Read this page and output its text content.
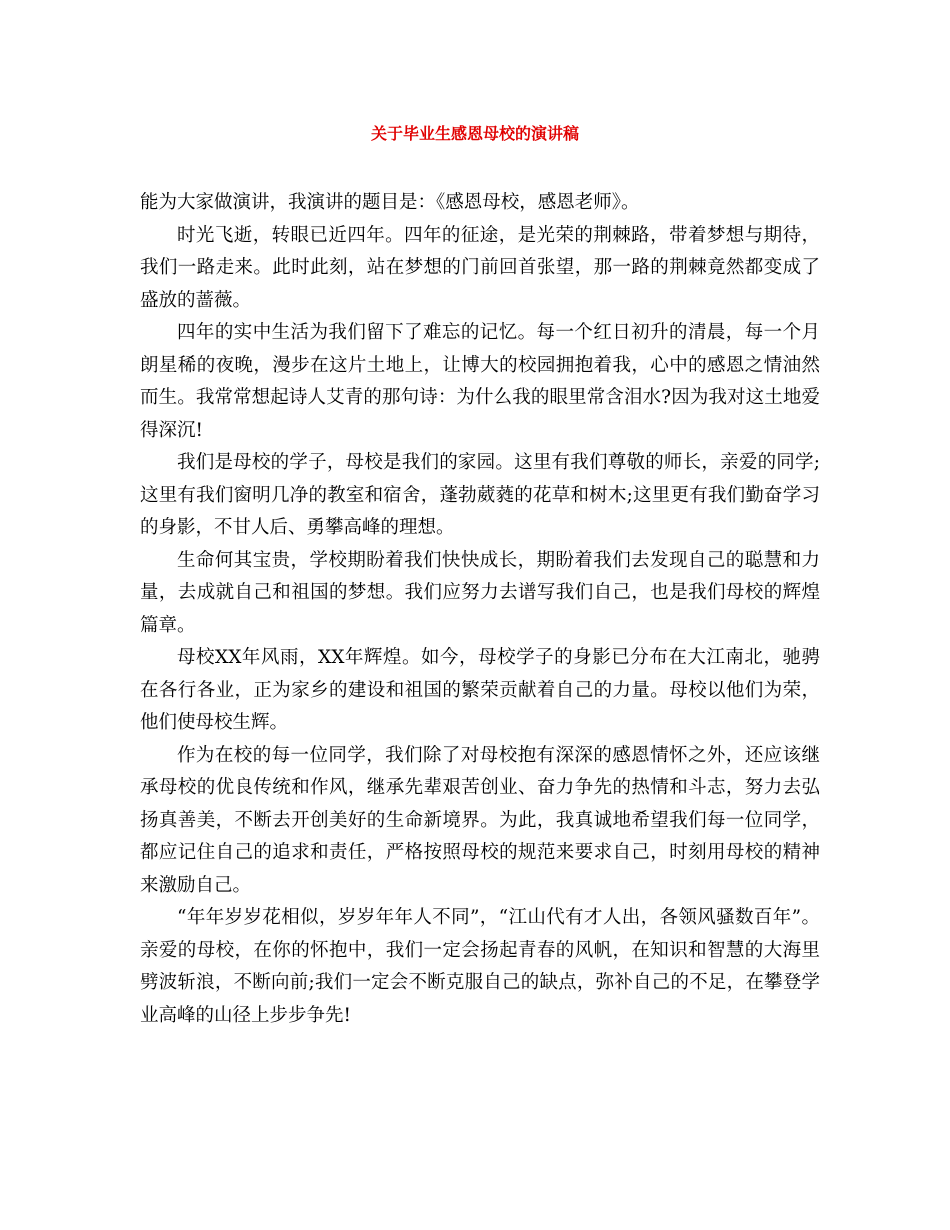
关于毕业生感恩母校的演讲稿

能为大家做演讲，我演讲的题目是：《感恩母校，感恩老师》。

时光飞逝，转眼已近四年。四年的征途，是光荣的荆棘路，带着梦想与期待，我们一路走来。此时此刻，站在梦想的门前回首张望，那一路的荆棘竟然都变成了盛放的蔷薇。

四年的实中生活为我们留下了难忘的记忆。每一个红日初升的清晨，每一个月朗星稀的夜晚，漫步在这片土地上，让博大的校园拥抱着我，心中的感恩之情油然而生。我常常想起诗人艾青的那句诗：为什么我的眼里常含泪水?因为我对这土地爱得深沉!

我们是母校的学子，母校是我们的家园。这里有我们尊敬的师长，亲爱的同学;这里有我们窗明几净的教室和宿舍，蓬勃葳蕤的花草和树木;这里更有我们勤奋学习的身影，不甘人后、勇攀高峰的理想。

生命何其宝贵，学校期盼着我们快快成长，期盼着我们去发现自己的聪慧和力量，去成就自己和祖国的梦想。我们应努力去谱写我们自己，也是我们母校的辉煌篇章。

母校XX年风雨，XX年辉煌。如今，母校学子的身影已分布在大江南北，驰骋在各行各业，正为家乡的建设和祖国的繁荣贡献着自己的力量。母校以他们为荣，他们使母校生辉。

作为在校的每一位同学，我们除了对母校抱有深深的感恩情怀之外，还应该继承母校的优良传统和作风，继承先辈艰苦创业、奋力争先的热情和斗志，努力去弘扬真善美，不断去开创美好的生命新境界。为此，我真诚地希望我们每一位同学，都应记住自己的追求和责任，严格按照母校的规范来要求自己，时刻用母校的精神来激励自己。

“年年岁岁花相似，岁岁年年人不同”，“江山代有才人出，各领风骚数百年”。亲爱的母校，在你的怀抱中，我们一定会扬起青春的风帆，在知识和智慧的大海里劈波斩浪，不断向前;我们一定会不断克服自己的缺点，弥补自己的不足，在攀登学业高峰的山径上步步争先!
